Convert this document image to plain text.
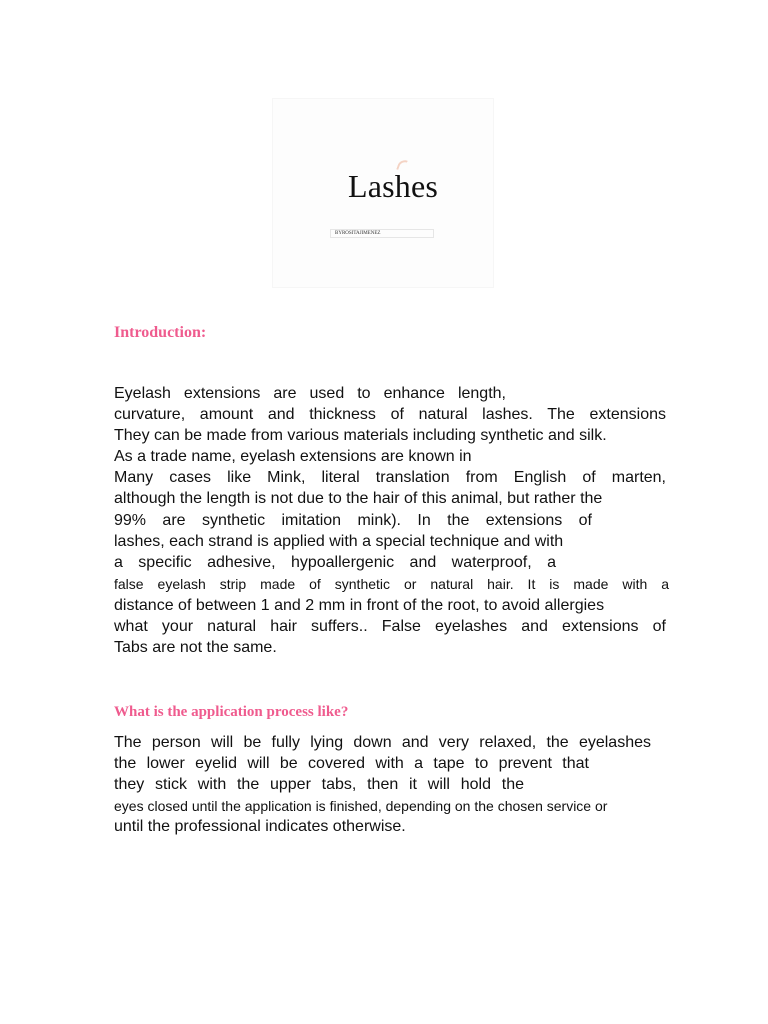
Lashes
BYROSITAJIMENEZ
Introduction:
Eyelash extensions are used to enhance length,
curvature, amount and thickness of natural lashes. The extensions
They can be made from various materials including synthetic and silk.
As a trade name, eyelash extensions are known in
Many cases like Mink, literal translation from English of marten,
although the length is not due to the hair of this animal, but rather the
99% are synthetic imitation mink). In the extensions of
lashes, each strand is applied with a special technique and with
a specific adhesive, hypoallergenic and waterproof, a
false eyelash strip made of synthetic or natural hair. It is made with a
distance of between 1 and 2 mm in front of the root, to avoid allergies
what your natural hair suffers.. False eyelashes and extensions of
Tabs are not the same.
What is the application process like?
The person will be fully lying down and very relaxed, the eyelashes
the lower eyelid will be covered with a tape to prevent that
they stick with the upper tabs, then it will hold the
eyes closed until the application is finished, depending on the chosen service or
until the professional indicates otherwise.
